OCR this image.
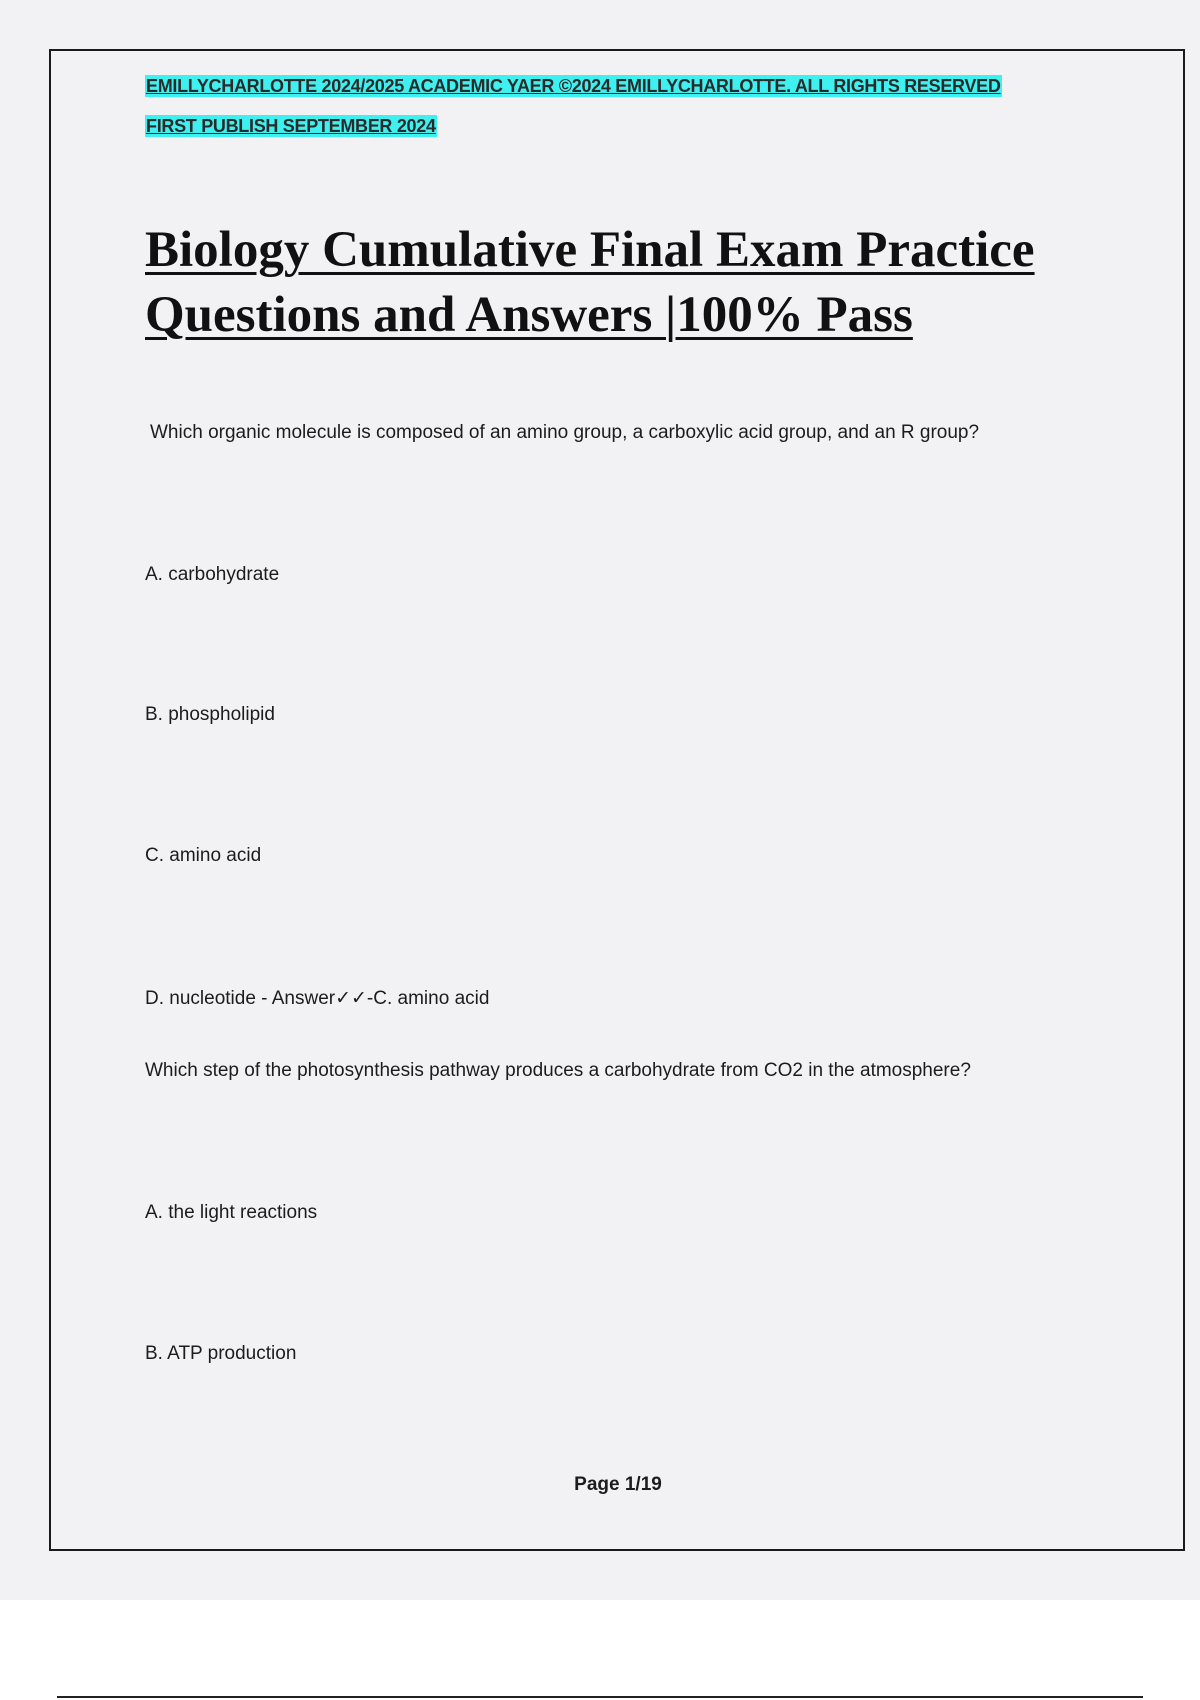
EMILLYCHARLOTTE 2024/2025 ACADEMIC YAER ©2024 EMILLYCHARLOTTE. ALL RIGHTS RESERVED
FIRST PUBLISH SEPTEMBER 2024
Biology Cumulative Final Exam Practice Questions and Answers |100% Pass
Which organic molecule is composed of an amino group, a carboxylic acid group, and an R group?
A. carbohydrate
B. phospholipid
C. amino acid
D. nucleotide - Answer✓✓-C. amino acid
Which step of the photosynthesis pathway produces a carbohydrate from CO2 in the atmosphere?
A. the light reactions
B. ATP production
Page 1/19
